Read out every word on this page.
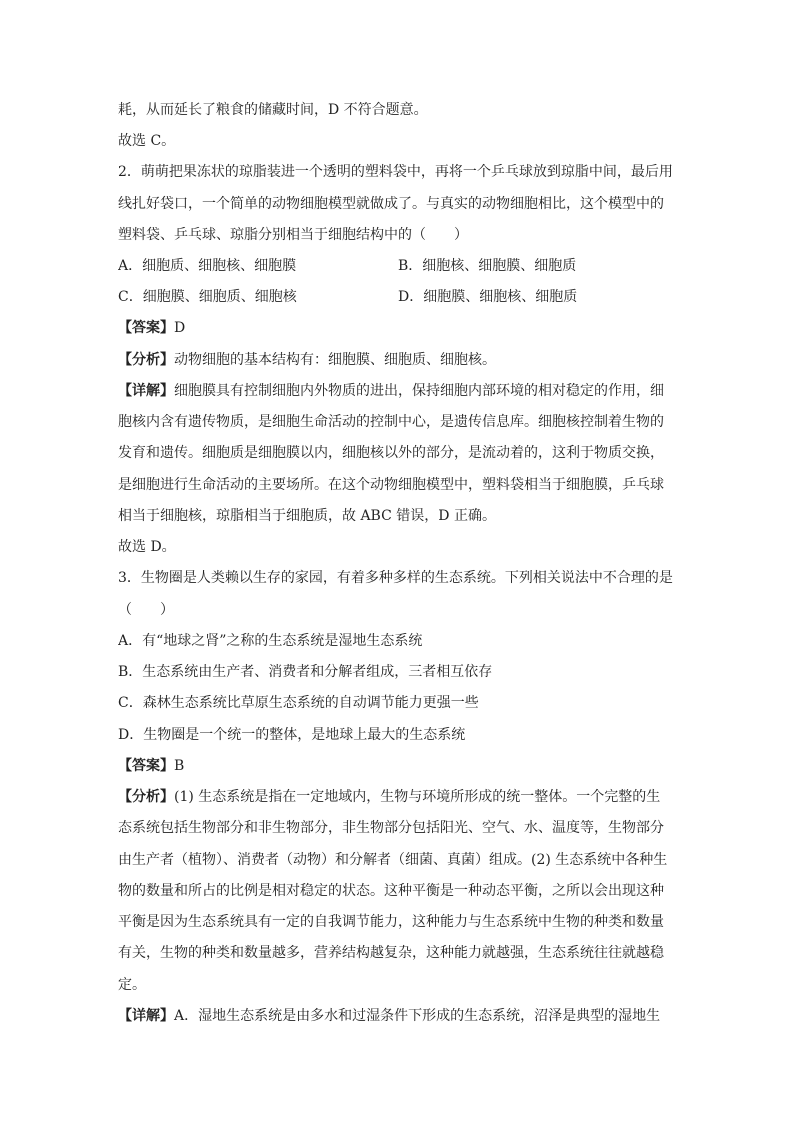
耗，从而延长了粮食的储藏时间，D 不符合题意。
故选 C。
2．萌萌把果冻状的琼脂装进一个透明的塑料袋中，再将一个乒乓球放到琼脂中间，最后用
线扎好袋口，一个简单的动物细胞模型就做成了。与真实的动物细胞相比，这个模型中的
塑料袋、乒乓球、琼脂分别相当于细胞结构中的（　　）
A．细胞质、细胞核、细胞膜	B．细胞核、细胞膜、细胞质
C．细胞膜、细胞质、细胞核	D．细胞膜、细胞核、细胞质
【答案】D
【分析】动物细胞的基本结构有：细胞膜、细胞质、细胞核。
【详解】细胞膜具有控制细胞内外物质的进出，保持细胞内部环境的相对稳定的作用，细
胞核内含有遗传物质，是细胞生命活动的控制中心，是遗传信息库。细胞核控制着生物的
发育和遗传。细胞质是细胞膜以内，细胞核以外的部分，是流动着的，这利于物质交换，
是细胞进行生命活动的主要场所。在这个动物细胞模型中，塑料袋相当于细胞膜，乒乓球
相当于细胞核，琼脂相当于细胞质，故 ABC 错误，D 正确。
故选 D。
3．生物圈是人类赖以生存的家园，有着多种多样的生态系统。下列相关说法中不合理的是
（　　）
A．有“地球之肾”之称的生态系统是湿地生态系统
B．生态系统由生产者、消费者和分解者组成，三者相互依存
C．森林生态系统比草原生态系统的自动调节能力更强一些
D．生物圈是一个统一的整体，是地球上最大的生态系统
【答案】B
【分析】(1) 生态系统是指在一定地域内，生物与环境所形成的统一整体。一个完整的生
态系统包括生物部分和非生物部分，非生物部分包括阳光、空气、水、温度等，生物部分
由生产者（植物）、消费者（动物）和分解者（细菌、真菌）组成。(2) 生态系统中各种生
物的数量和所占的比例是相对稳定的状态。这种平衡是一种动态平衡，之所以会出现这种
平衡是因为生态系统具有一定的自我调节能力，这种能力与生态系统中生物的种类和数量
有关，生物的种类和数量越多，营养结构越复杂，这种能力就越强，生态系统往往就越稳
定。
【详解】A．湿地生态系统是由多水和过湿条件下形成的生态系统，沼泽是典型的湿地生
